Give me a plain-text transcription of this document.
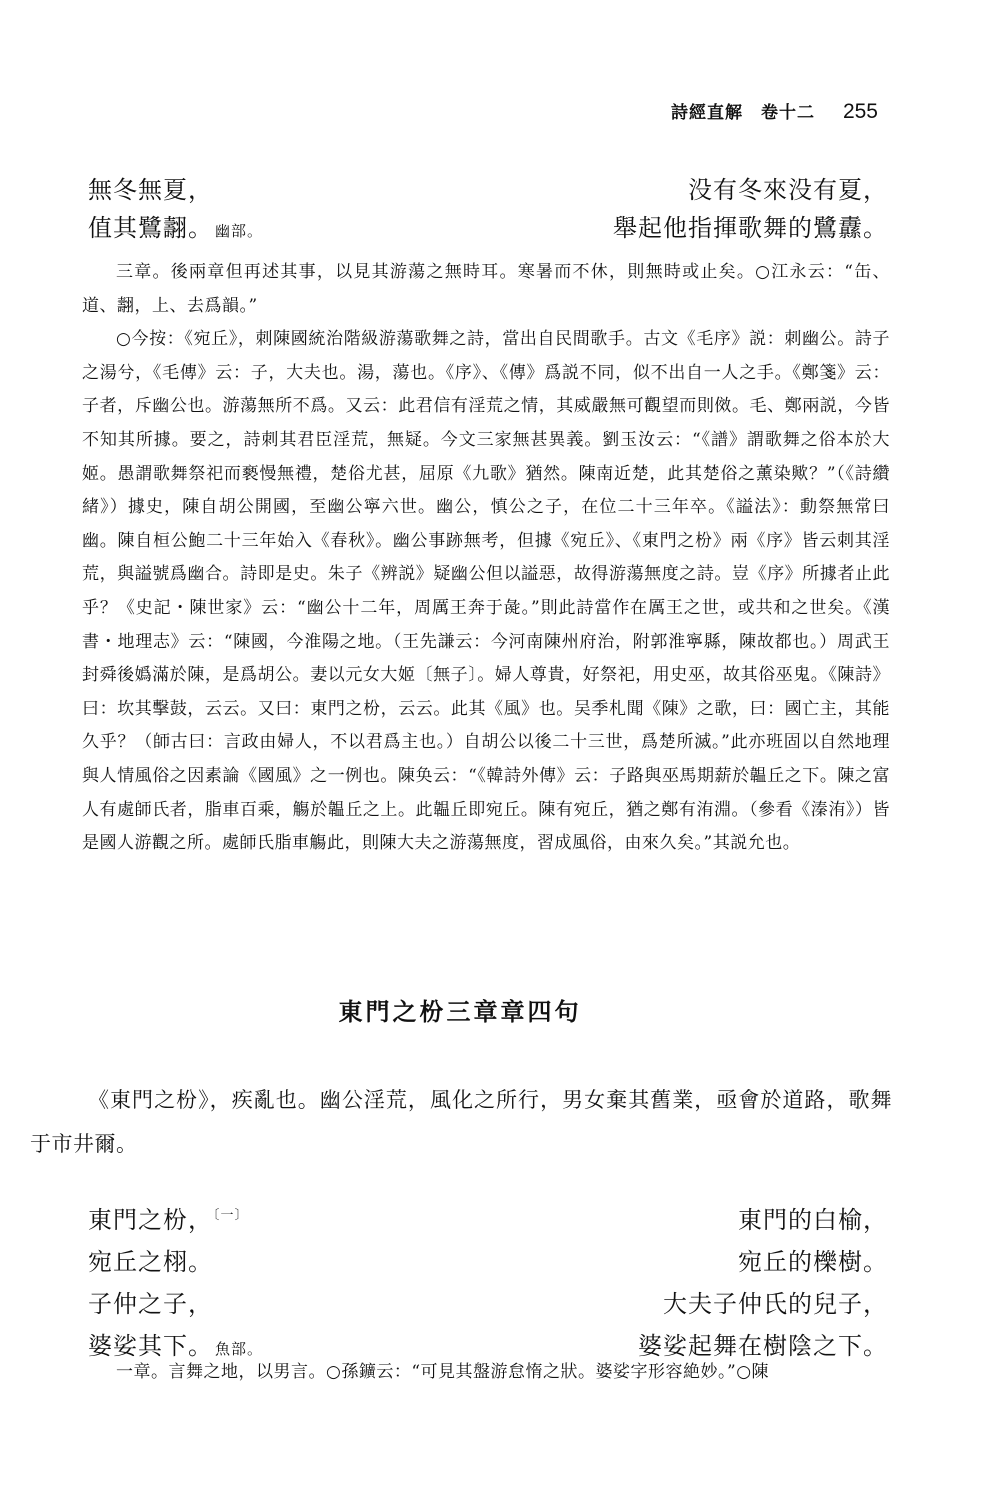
詩經直解 卷十二 255
無冬無夏，	没有冬來没有夏，
值其鷺翿。 幽部。	舉起他指揮歌舞的鷺纛。

三章。後兩章但再述其事，以見其游蕩之無時耳。寒暑而不休，則無時或止矣。○江永云：“缶、道、翿，上、去爲韻。”

○今按：《宛丘》，刺陳國統治階級游蕩歌舞之詩，當出自民間歌手。古文《毛序》説：刺幽公。詩子之湯兮，《毛傳》云：子，大夫也。湯，蕩也。《序》、《傳》爲説不同，似不出自一人之手。《鄭箋》云：子者，斥幽公也。游蕩無所不爲。又云：此君信有淫荒之情，其威嚴無可觀望而則傚。毛、鄭兩説，今皆不知其所據。要之，詩刺其君臣淫荒，無疑。今文三家無甚異義。劉玉汝云：“《譜》謂歌舞之俗本於大姬。愚謂歌舞祭祀而褻慢無禮，楚俗尤甚，屈原《九歌》猶然。陳南近楚，此其楚俗之薰染歟？”（《詩纘緒》）據史，陳自胡公開國，至幽公寧六世。幽公，慎公之子，在位二十三年卒。《謚法》：動祭無常曰幽。陳自桓公鮑二十三年始入《春秋》。幽公事跡無考，但據《宛丘》、《東門之枌》兩《序》皆云刺其淫荒，與謚號爲幽合。詩即是史。朱子《辨説》疑幽公但以謚惡，故得游蕩無度之詩。豈《序》所據者止此乎？《史記・陳世家》云：“幽公十二年，周厲王奔于彘。”則此詩當作在厲王之世，或共和之世矣。《漢書・地理志》云：“陳國，今淮陽之地。（王先謙云：今河南陳州府治，附郭淮寧縣，陳故都也。）周武王封舜後嬀滿於陳，是爲胡公。妻以元女大姬〔無子〕。婦人尊貴，好祭祀，用史巫，故其俗巫鬼。《陳詩》曰：坎其擊鼓，云云。又曰：東門之枌，云云。此其《風》也。吴季札聞《陳》之歌，曰：國亡主，其能久乎？（師古曰：言政由婦人，不以君爲主也。）自胡公以後二十三世，爲楚所滅。”此亦班固以自然地理與人情風俗之因素論《國風》之一例也。陳奂云：“《韓詩外傳》云：子路與巫馬期薪於韞丘之下。陳之富人有處師氏者，脂車百乘，觴於韞丘之上。此韞丘即宛丘。陳有宛丘，猶之鄭有洧淵。（參看《溱洧》）皆是國人游觀之所。處師氏脂車觴此，則陳大夫之游蕩無度，習成風俗，由來久矣。”其説允也。

東門之枌三章章四句

《東門之枌》，疾亂也。幽公淫荒，風化之所行，男女棄其舊業，亟會於道路，歌舞于市井爾。

東門之枌，$^{〔一〕}$	東門的白榆，
宛丘之栩。	宛丘的櫟樹。
子仲之子，	大夫子仲氏的兒子，
婆娑其下。 魚部。	婆娑起舞在樹陰之下。

一章。言舞之地，以男言。○孫鑛云：“可見其盤游怠惰之狀。婆娑字形容絶妙。”○陳
